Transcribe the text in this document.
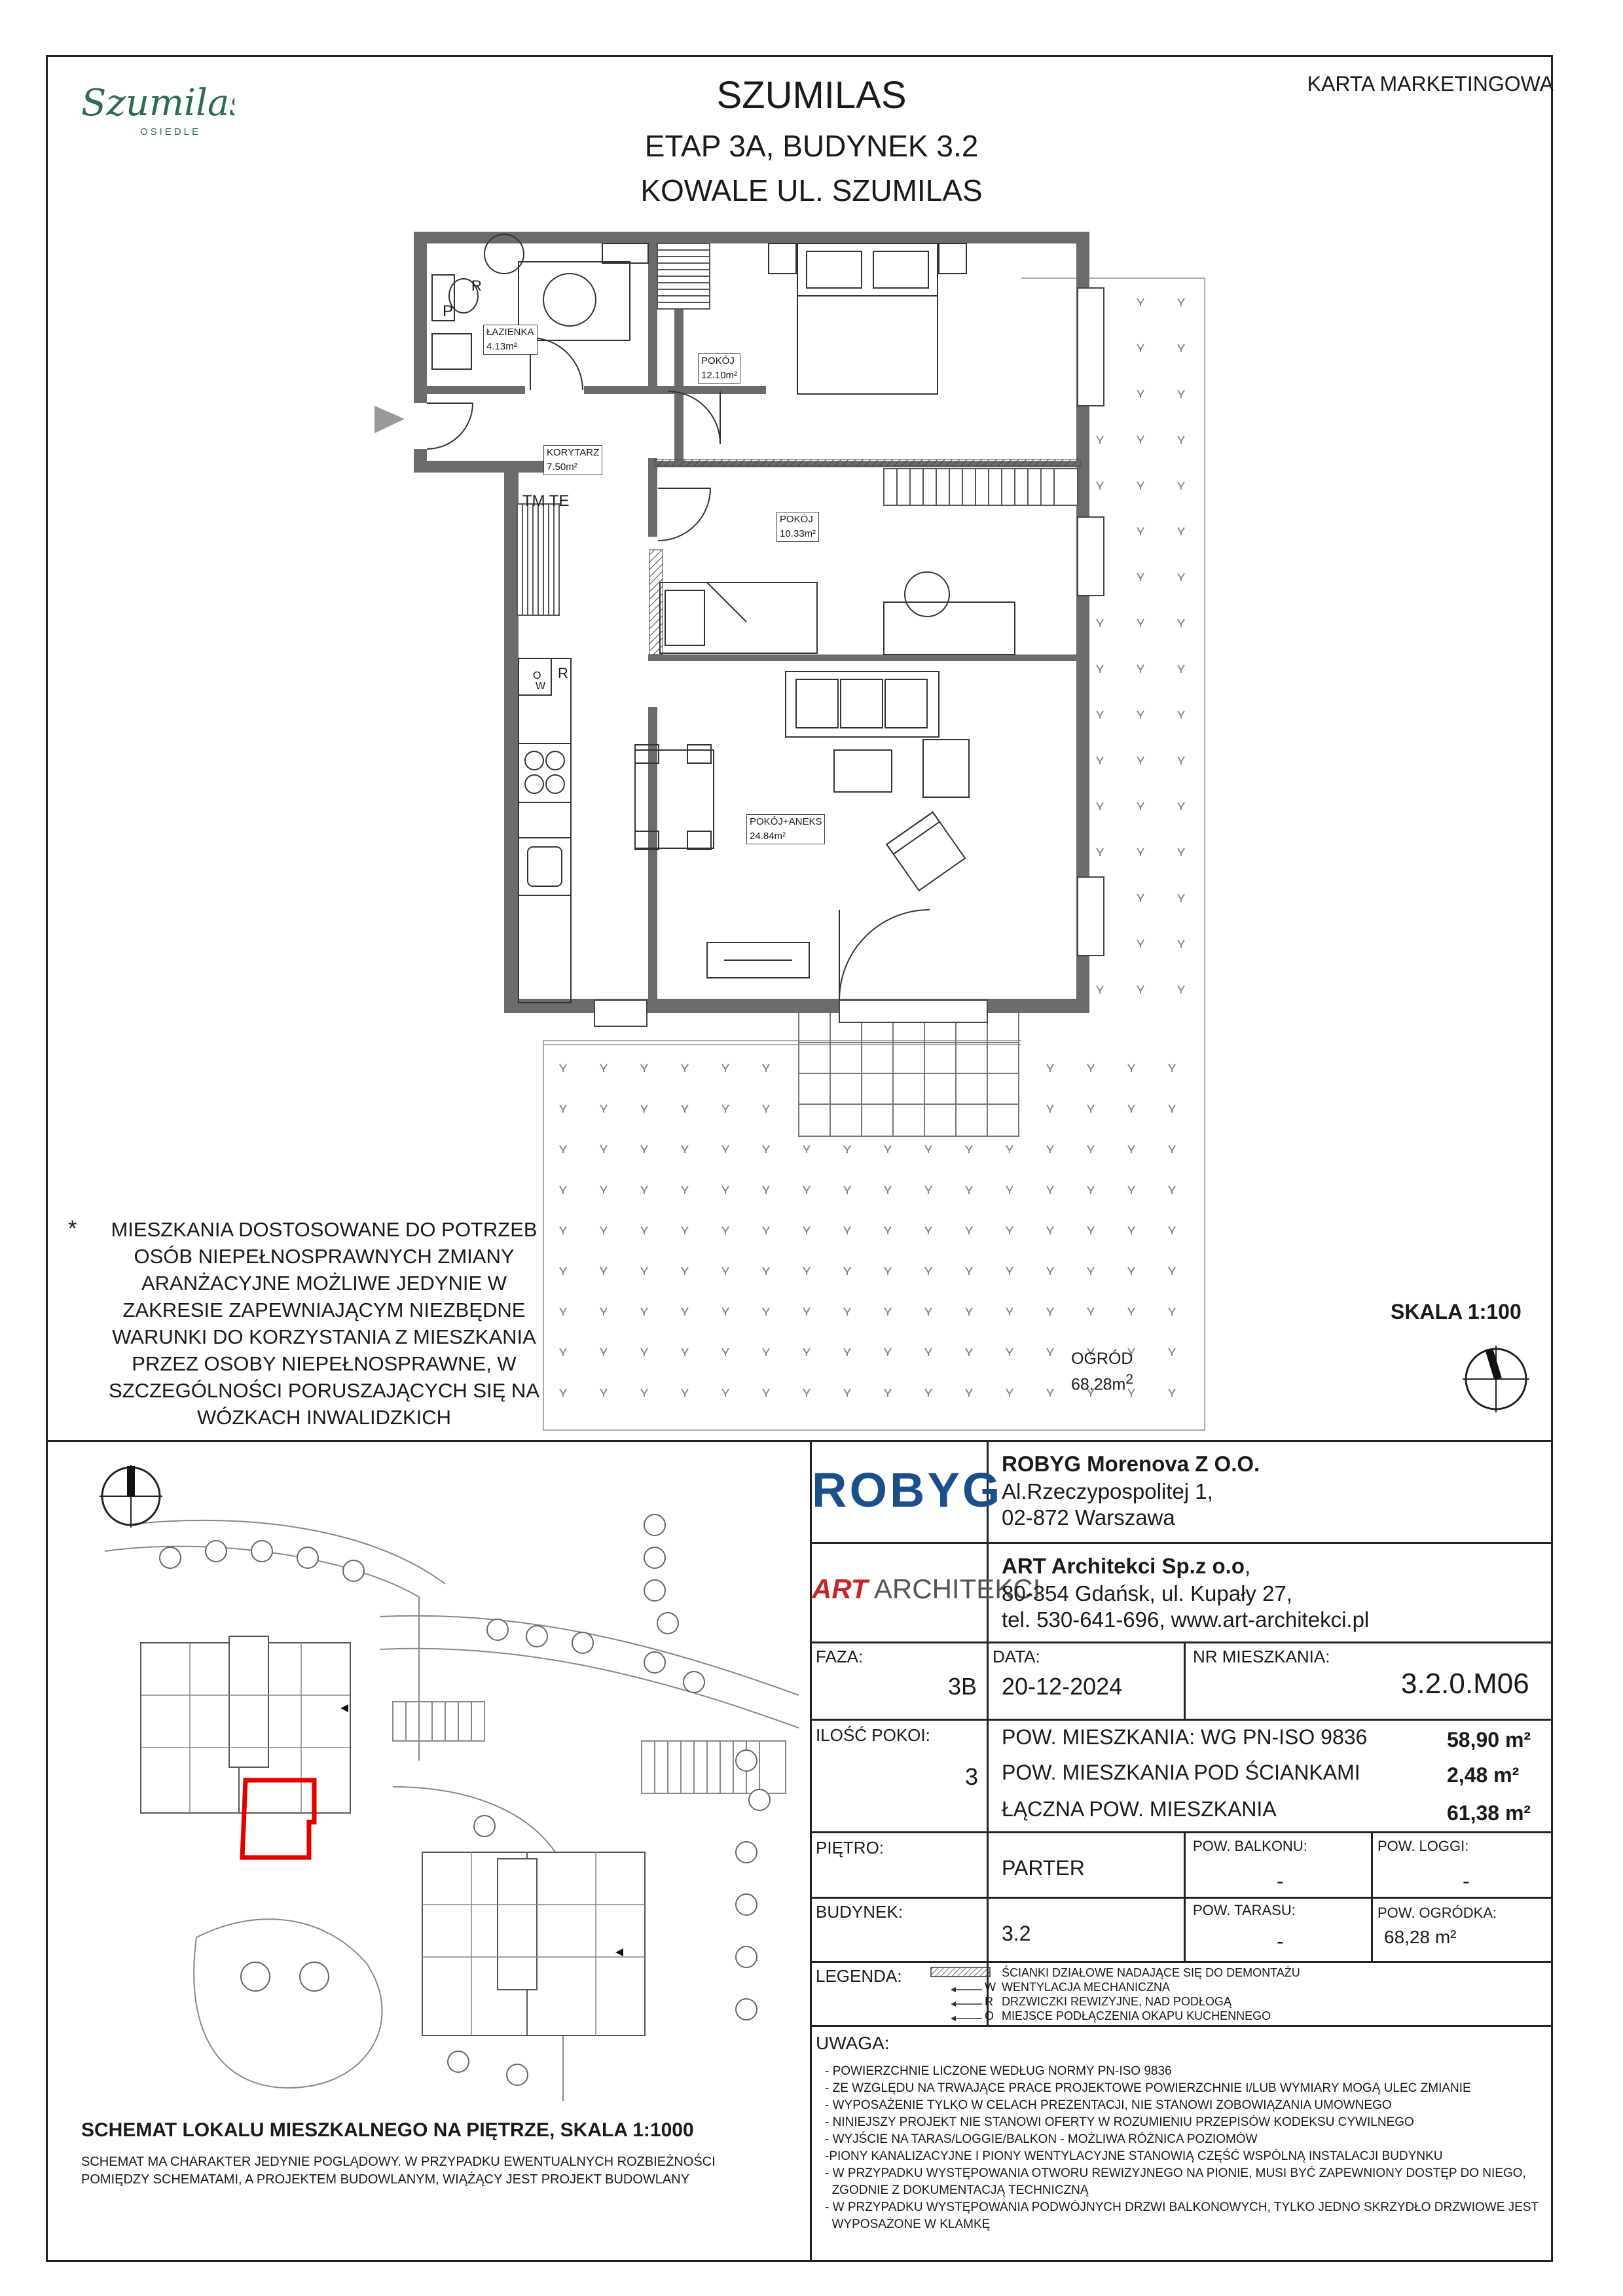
Szumilas
OSIEDLE
SZUMILAS
ETAP 3A, BUDYNEK 3.2
KOWALE UL. SZUMILAS
KARTA MARKETINGOWA
P
R
TM TE
R
O
W
ŁAZIENKA
4.13m²
POKÓJ
12.10m²
KORYTARZ
7.50m²
POKÓJ
10.33m²
POKÓJ+ANEKS
24.84m²
OGRÓD
$68.28m^2$
*	MIESZKANIA DOSTOSOWANE DO POTRZEB
OSÓB NIEPEŁNOSPRAWNYCH ZMIANY
ARANŻACYJNE MOŻLIWE JEDYNIE W
ZAKRESIE ZAPEWNIAJĄCYM NIEZBĘDNE
WARUNKI DO KORZYSTANIA Z MIESZKANIA
PRZEZ OSOBY NIEPEŁNOSPRAWNE, W
SZCZEGÓLNOŚCI PORUSZAJĄCYCH SIĘ NA
WÓZKACH INWALIDZKICH
SKALA 1:100
SCHEMAT LOKALU MIESZKALNEGO NA PIĘTRZE, SKALA 1:1000
SCHEMAT MA CHARAKTER JEDYNIE POGLĄDOWY. W PRZYPADKU EWENTUALNYCH ROZBIEŻNOŚCI POMIĘDZY SCHEMATAMI, A PROJEKTEM BUDOWLANYM, WIĄŻĄCY JEST PROJEKT BUDOWLANY
ROBYG
ROBYG Morenova Z O.O.
Al.Rzeczypospolitej 1,
02-872 Warszawa
ART ARCHITEKCI
ART Architekci Sp.z o.o,
80-354 Gdańsk, ul. Kupały 27,
tel. 530-641-696, www.art-architekci.pl
FAZA:
3B
DATA:
20-12-2024
NR MIESZKANIA:
3.2.0.M06
ILOŚĆ POKOI:
3
POW. MIESZKANIA: WG PN-ISO 9836	58,90 m²
POW. MIESZKANIA POD ŚCIANKAMI	2,48 m²
ŁĄCZNA POW. MIESZKANIA	61,38 m²
PIĘTRO:
PARTER
POW. BALKONU:
-
POW. LOGGI:
-
BUDYNEK:
3.2
POW. TARASU:
-
POW. OGRÓDKA:
68,28 m²
LEGENDA:
W
R
O
ŚCIANKI DZIAŁOWE NADAJĄCE SIĘ DO DEMONTAŻU
WENTYLACJA MECHANICZNA
DRZWICZKI REWIZYJNE, NAD PODŁOGĄ
MIEJSCE PODŁĄCZENIA OKAPU KUCHENNEGO
UWAGA:
- POWIERZCHNIE LICZONE WEDŁUG NORMY PN-ISO 9836
- ZE WZGLĘDU NA TRWAJĄCE PRACE PROJEKTOWE POWIERZCHNIE I/LUB WYMIARY MOGĄ ULEC ZMIANIE
- WYPOSAŻENIE TYLKO W CELACH PREZENTACJI, NIE STANOWI ZOBOWIĄZANIA UMOWNEGO
- NINIEJSZY PROJEKT NIE STANOWI OFERTY W ROZUMIENIU PRZEPISÓW KODEKSU CYWILNEGO
- WYJŚCIE NA TARAS/LOGGIE/BALKON - MOŻLIWA RÓŻNICA POZIOMÓW
-PIONY KANALIZACYJNE I PIONY WENTYLACYJNE STANOWIĄ CZĘŚĆ WSPÓLNĄ INSTALACJI BUDYNKU
- W PRZYPADKU WYSTĘPOWANIA OTWORU REWIZYJNEGO NA PIONIE, MUSI BYĆ ZAPEWNIONY DOSTĘP DO NIEGO,
ZGODNIE Z DOKUMENTACJĄ TECHNICZNĄ
- W PRZYPADKU WYSTĘPOWANIA PODWÓJNYCH DRZWI BALKONOWYCH, TYLKO JEDNO SKRZYDŁO DRZWIOWE JEST
WYPOSAŻONE W KLAMKĘ
